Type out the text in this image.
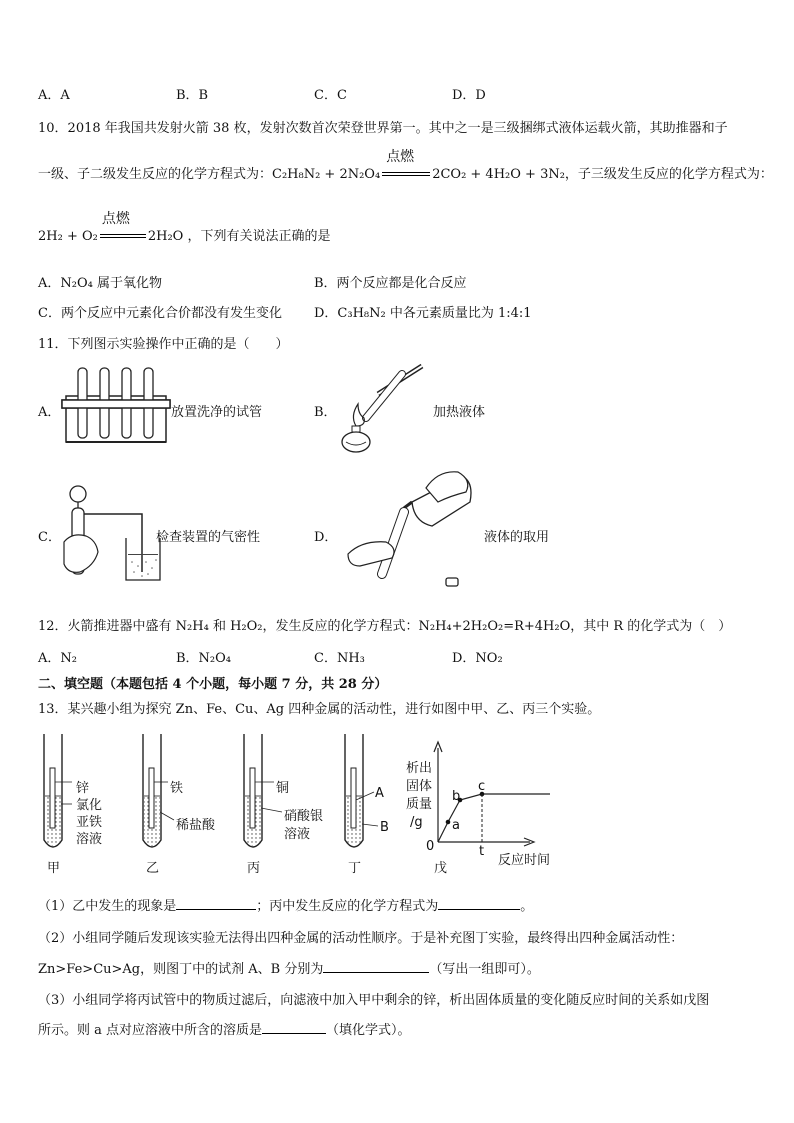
A．A	B．B	C．C	D．D
10．2018 年我国共发射火箭 38 枚，发射次数首次荣登世界第一。其中之一是三级捆绑式液体运载火箭，其助推器和子
一级、子二级发生反应的化学方程式为：C₂H₈N₂ + 2N₂O₄
点燃
2CO₂ + 4H₂O + 3N₂，子三级发生反应的化学方程式为：
2H₂ + O₂
点燃
2H₂O ，下列有关说法正确的是
A．N₂O₄ 属于氧化物	B．两个反应都是化合反应
C．两个反应中元素化合价都没有发生变化 D．C₃H₈N₂ 中各元素质量比为 1:4:1
11．下列图示实验操作中正确的是（　　）
A．	放置洗净的试管	B．	加热液体
C．	检查装置的气密性	D．	液体的取用
12．火箭推进器中盛有 N₂H₄ 和 H₂O₂，发生反应的化学方程式：N₂H₄+2H₂O₂=R+4H₂O，其中 R 的化学式为（　）
A．N₂	B．N₂O₄	C．NH₃	D．NO₂
二、填空题（本题包括 4 个小题，每小题 7 分，共 28 分）
13．某兴趣小组为探究 Zn、Fe、Cu、Ag 四种金属的活动性，进行如图中甲、乙、丙三个实验。
锌
氯化
亚铁
溶液
甲
铁
稀盐酸
乙
铜
硝酸银
溶液
丙
A
B
丁
析出
固体
质量
/g
0
a
b
c
t
反应时间
戊
（1）乙中发生的现象是	；丙中发生反应的化学方程式为	。
（2）小组同学随后发现该实验无法得出四种金属的活动性顺序。于是补充图丁实验，最终得出四种金属活动性：
Zn>Fe>Cu>Ag，则图丁中的试剂 A、B 分别为	（写出一组即可）。
（3）小组同学将丙试管中的物质过滤后，向滤液中加入甲中剩余的锌，析出固体质量的变化随反应时间的关系如戊图
所示。则 a 点对应溶液中所含的溶质是	（填化学式）。
